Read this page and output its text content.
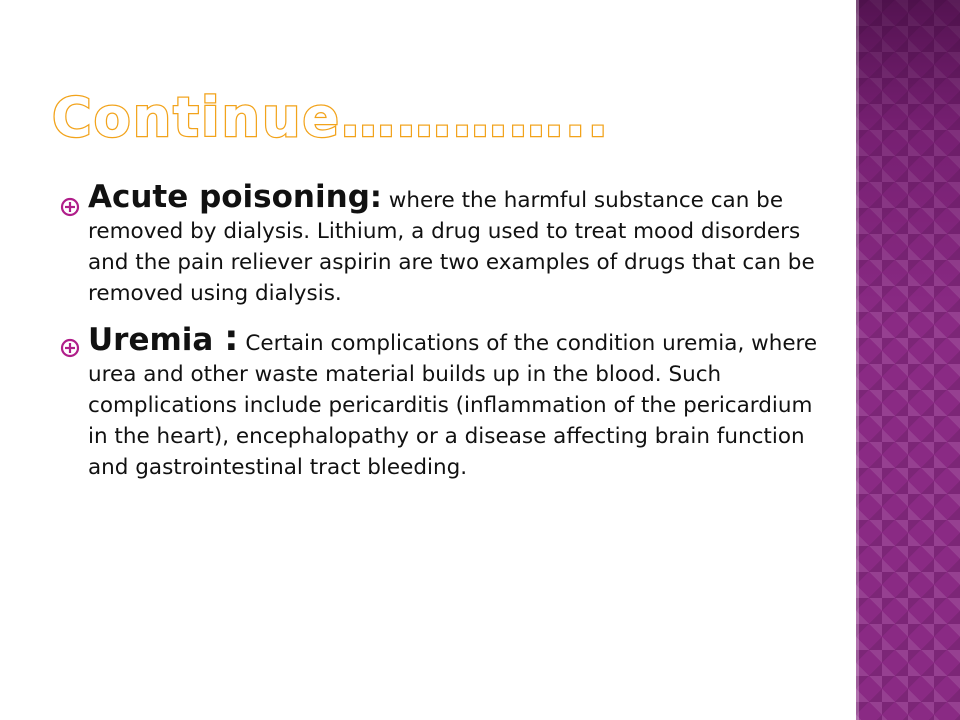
Continue…………..

Acute poisoning: where the harmful substance can be removed by dialysis. Lithium, a drug used to treat mood disorders and the pain reliever aspirin are two examples of drugs that can be removed using dialysis.

Uremia : Certain complications of the condition uremia, where urea and other waste material builds up in the blood. Such complications include pericarditis (inflammation of the pericardium in the heart), encephalopathy or a disease affecting brain function and gastrointestinal tract bleeding.
